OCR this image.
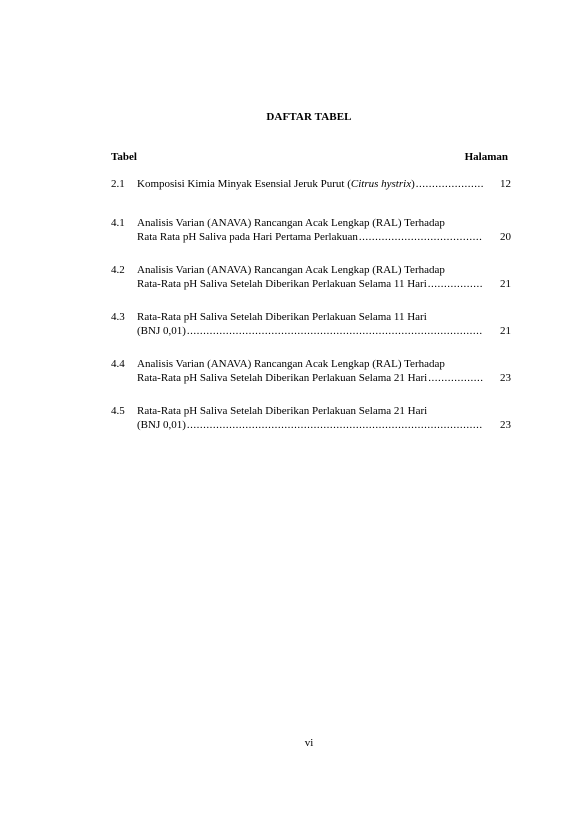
DAFTAR TABEL
Tabel	Halaman
2.1	Komposisi Kimia Minyak Esensial Jeruk Purut (Citrus hystrix) .....	12
4.1	Analisis Varian (ANAVA) Rancangan Acak Lengkap (RAL) Terhadap
Rata Rata pH Saliva pada Hari Pertama Perlakuan .....	20
4.2	Analisis Varian (ANAVA) Rancangan Acak Lengkap (RAL) Terhadap
Rata-Rata pH Saliva Setelah Diberikan Perlakuan Selama 11 Hari .....	21
4.3	Rata-Rata pH Saliva Setelah Diberikan Perlakuan Selama 11 Hari
(BNJ 0,01) .....	21
4.4	Analisis Varian (ANAVA) Rancangan Acak Lengkap (RAL) Terhadap
Rata-Rata pH Saliva Setelah Diberikan Perlakuan Selama 21 Hari .....	23
4.5	Rata-Rata pH Saliva Setelah Diberikan Perlakuan Selama 21 Hari
(BNJ 0,01) .....	23
vi
